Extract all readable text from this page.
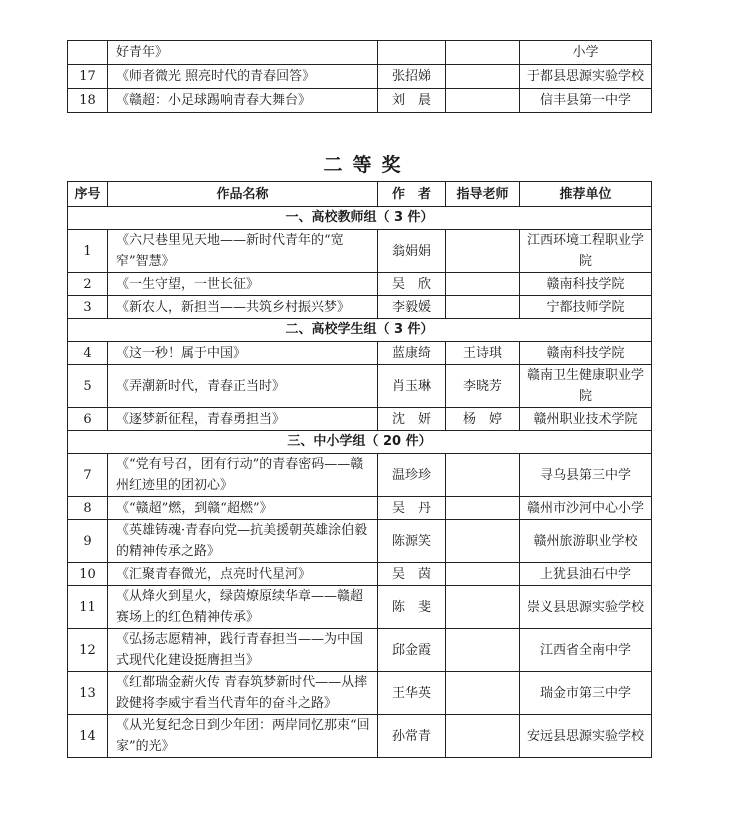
	好青年》			小学
17	《师者微光 照亮时代的青春回答》	张招娣		于都县思源实验学校
18	《赣超：小足球踢响青春大舞台》	刘　晨		信丰县第一中学
二等奖
序号	作品名称	作　者	指导老师	推荐单位
一、高校教师组（ 3 件）				
1	《六尺巷里见天地——新时代青年的“宽窄”智慧》	翁娟娟		江西环境工程职业学院
2	《一生守望，一世长征》	吴　欣		赣南科技学院
3	《新农人，新担当——共筑乡村振兴梦》	李毅媛		宁都技师学院
二、高校学生组（ 3 件）				
4	《这一秒！属于中国》	蓝康绮	王诗琪	赣南科技学院
5	《弄潮新时代，青春正当时》	肖玉琳	李晓芳	赣南卫生健康职业学院
6	《逐梦新征程，青春勇担当》	沈　妍	杨　婷	赣州职业技术学院
三、中小学组（ 20 件）				
7	《“党有号召，团有行动”的青春密码——赣州红迹里的团初心》	温珍珍		寻乌县第三中学
8	《“赣超”燃，到赣“超燃”》	吴　丹		赣州市沙河中心小学
9	《英雄铸魂·青春向党—抗美援朝英雄涂伯毅的精神传承之路》	陈源笑		赣州旅游职业学校
10	《汇聚青春微光，点亮时代星河》	吴　茵		上犹县油石中学
11	《从烽火到星火，绿茵燎原续华章——赣超赛场上的红色精神传承》	陈　斐		崇义县思源实验学校
12	《弘扬志愿精神，践行青春担当——为中国式现代化建设挺膺担当》	邱金霞		江西省全南中学
13	《红都瑞金薪火传 青春筑梦新时代——从摔跤健将李威宇看当代青年的奋斗之路》	王华英		瑞金市第三中学
14	《从光复纪念日到少年团：两岸同忆那束“回家”的光》	孙常青		安远县思源实验学校
